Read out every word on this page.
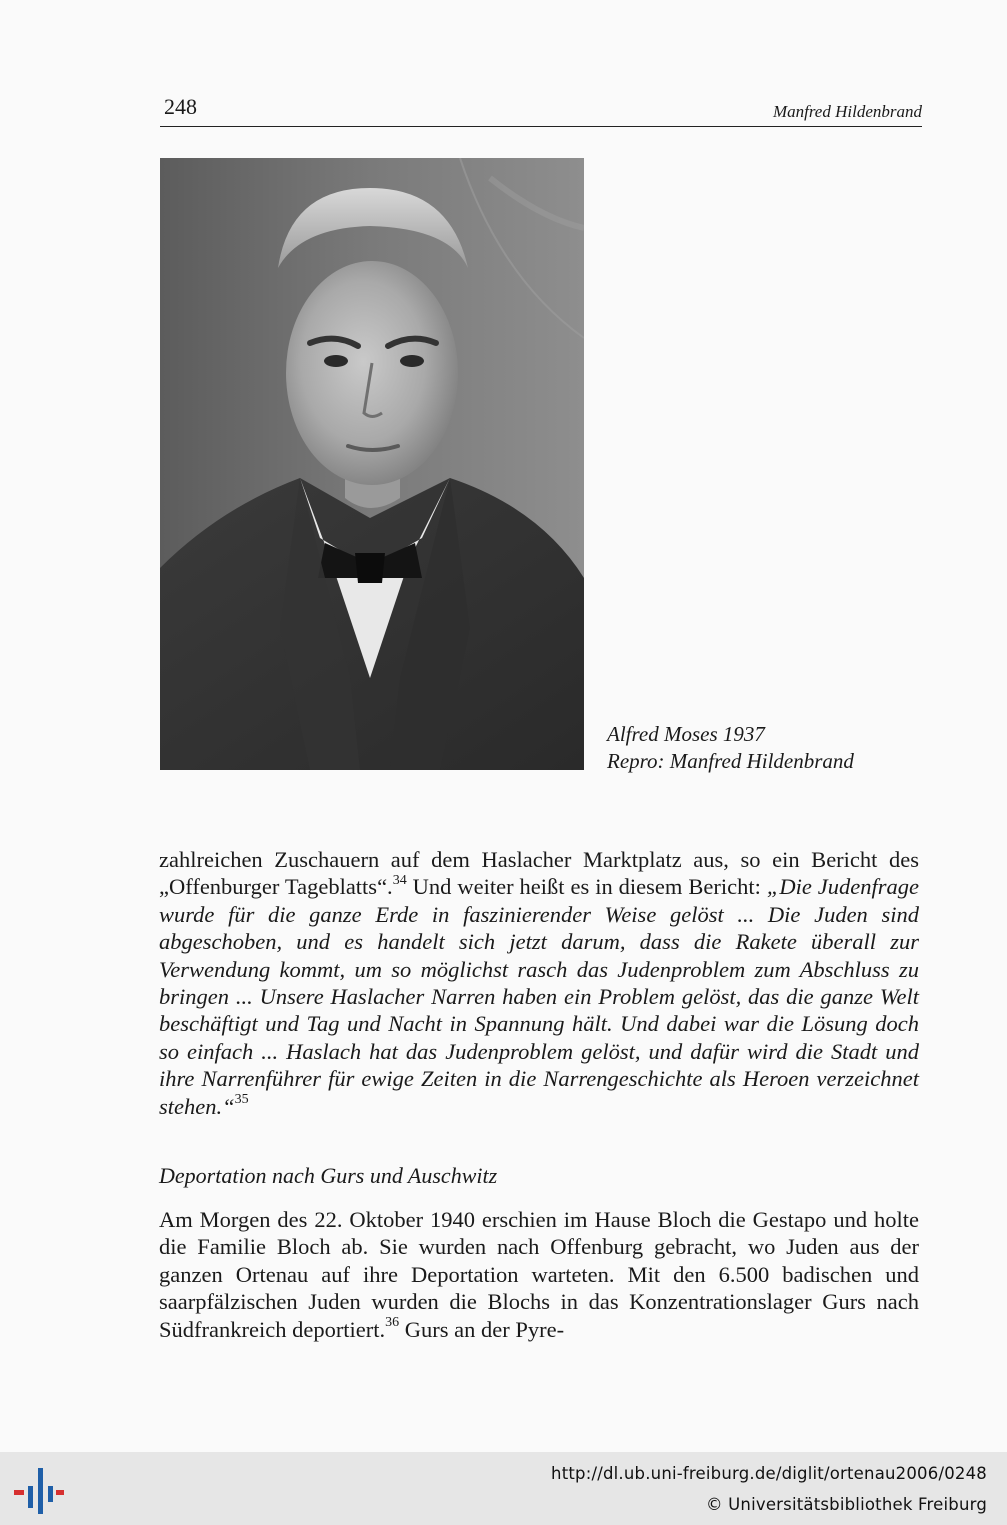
248	Manfred Hildenbrand
Alfred Moses 1937
Repro: Manfred Hildenbrand

zahlreichen Zuschauern auf dem Haslacher Marktplatz aus, so ein Bericht des „Offenburger Tageblatts“.$^{34}$ Und weiter heißt es in diesem Bericht: „Die Judenfrage wurde für die ganze Erde in faszinierender Weise gelöst ... Die Juden sind abgeschoben, und es handelt sich jetzt darum, dass die Rakete überall zur Verwendung kommt, um so möglichst rasch das Judenproblem zum Abschluss zu bringen ... Unsere Haslacher Narren haben ein Problem gelöst, das die ganze Welt beschäftigt und Tag und Nacht in Spannung hält. Und dabei war die Lösung doch so einfach ... Haslach hat das Judenproblem gelöst, und dafür wird die Stadt und ihre Narrenführer für ewige Zeiten in die Narrengeschichte als Heroen verzeichnet stehen.“$^{35}$

Deportation nach Gurs und Auschwitz

Am Morgen des 22. Oktober 1940 erschien im Hause Bloch die Gestapo und holte die Familie Bloch ab. Sie wurden nach Offenburg gebracht, wo Juden aus der ganzen Ortenau auf ihre Deportation warteten. Mit den 6.500 badischen und saarpfälzischen Juden wurden die Blochs in das Konzentrationslager Gurs nach Südfrankreich deportiert.$^{36}$ Gurs an der Pyre-

http://dl.ub.uni-freiburg.de/diglit/ortenau2006/0248
© Universitätsbibliothek Freiburg
